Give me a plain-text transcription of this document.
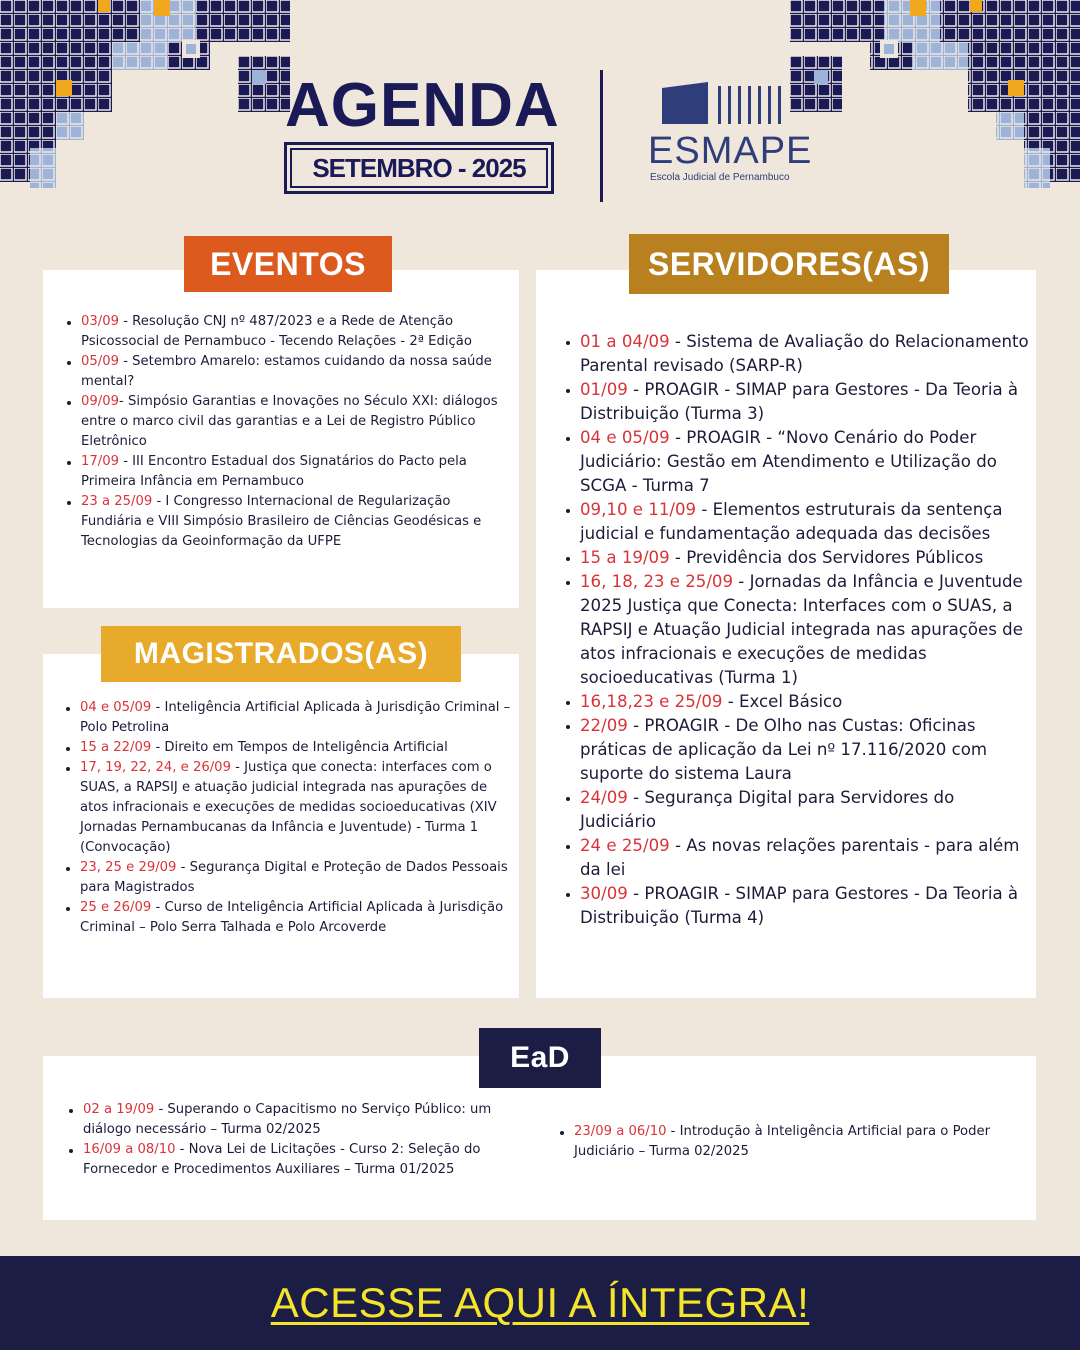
AGENDA
SETEMBRO - 2025	ESMAPE
Escola Judicial de Pernambuco
03/09 - Resolução CNJ nº 487/2023 e a Rede de Atenção Psicossocial de Pernambuco - Tecendo Relações - 2ª Edição
05/09 - Setembro Amarelo: estamos cuidando da nossa saúde mental?
09/09- Simpósio Garantias e Inovações no Século XXI: diálogos entre o marco civil das garantias e a Lei de Registro Público Eletrônico
17/09 - III Encontro Estadual dos Signatários do Pacto pela Primeira Infância em Pernambuco
23 a 25/09 - I Congresso Internacional de Regularização Fundiária e VIII Simpósio Brasileiro de Ciências Geodésicas e Tecnologias da Geoinformação da UFPE
EVENTOS
01 a 04/09 - Sistema de Avaliação do Relacionamento Parental revisado (SARP-R)
01/09 - PROAGIR - SIMAP para Gestores - Da Teoria à Distribuição (Turma 3)
04 e 05/09 - PROAGIR - “Novo Cenário do Poder Judiciário: Gestão em Atendimento e Utilização do SCGA - Turma 7
09,10 e 11/09 - Elementos estruturais da sentença judicial e fundamentação adequada das decisões
15 a 19/09 - Previdência dos Servidores Públicos
16, 18, 23 e 25/09 - Jornadas da Infância e Juventude 2025 Justiça que Conecta: Interfaces com o SUAS, a RAPSIJ e Atuação Judicial integrada nas apurações de atos infracionais e execuções de medidas socioeducativas (Turma 1)
16,18,23 e 25/09 - Excel Básico
22/09 - PROAGIR - De Olho nas Custas: Oficinas práticas de aplicação da Lei nº 17.116/2020 com suporte do sistema Laura
24/09 - Segurança Digital para Servidores do Judiciário
24 e 25/09 - As novas relações parentais - para além da lei
30/09 - PROAGIR - SIMAP para Gestores - Da Teoria à Distribuição (Turma 4)
SERVIDORES(AS)
04 e 05/09 - Inteligência Artificial Aplicada à Jurisdição Criminal – Polo Petrolina
15 a 22/09 - Direito em Tempos de Inteligência Artificial
17, 19, 22, 24, e 26/09 - Justiça que conecta: interfaces com o SUAS, a RAPSIJ e atuação judicial integrada nas apurações de atos infracionais e execuções de medidas socioeducativas (XIV Jornadas Pernambucanas da Infância e Juventude) - Turma 1 (Convocação)
23, 25 e 29/09 - Segurança Digital e Proteção de Dados Pessoais para Magistrados
25 e 26/09 - Curso de Inteligência Artificial Aplicada à Jurisdição Criminal – Polo Serra Talhada e Polo Arcoverde
MAGISTRADOS(AS)
02 a 19/09 - Superando o Capacitismo no Serviço Público: um diálogo necessário – Turma 02/2025
16/09 a 08/10 - Nova Lei de Licitações - Curso 2: Seleção do Fornecedor e Procedimentos Auxiliares – Turma 01/2025
23/09 a 06/10 - Introdução à Inteligência Artificial para o Poder Judiciário – Turma 02/2025
EaD
ACESSE AQUI A ÍNTEGRA!
